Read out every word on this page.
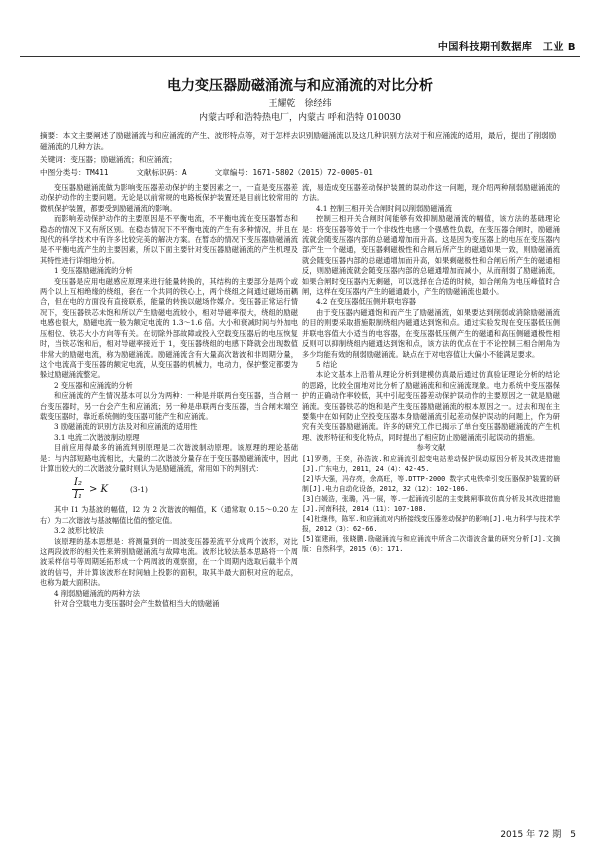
中国科技期刊数据库　工业 B
电力变压器励磁涌流与和应涌流的对比分析
王耀乾　徐经纬
内蒙古呼和浩特热电厂，内蒙古 呼和浩特 010030
摘要：本文主要阐述了励磁涌流与和应涌流的产生、波形特点等，对于怎样去识别励磁涌流以及这几种识别方法对于和应涌流的适用，最后，提出了削弱励磁涌流的几种方法。
关键词：变压器；励磁涌流；和应涌流；
中图分类号：TM411	文献标识码：A	文章编号：1671-5802（2015）72-0005-01

变压器励磁涌流做为影响变压器差动保护的主要因素之一，一直是变压器差动保护动作的主要问题。无论是以前常规的电路板保护装置还是目前比较常用的微机保护装置，都要受到励磁涌流的影响。

而影响差动保护动作的主要原因是不平衡电流，不平衡电流在变压器暂态和稳态的情况下又有所区别。在稳态情况下不平衡电流的产生有多种情况，并且在现代的科学技术中有许多比较完美的解决方案。在暂态的情况下变压器励磁涌流是不平衡电流产生的主要因素，所以下面主要针对变压器励磁涌流的产生机理及其特性进行详细地分析。

1 变压器励磁涌流的分析

变压器是应用电磁感应原理来进行能量转换的，其结构的主要部分是两个或两个以上互相绝缘的绕组，套在一个共同的铁心上，两个绕组之间通过磁场而耦合，但在电的方面没有直接联系，能量的转换以磁场作媒介。变压器正常运行情况下，变压器铁芯未饱和所以产生励磁电流较小，相对导磁率很大，绕组的励磁电感也很大，励磁电流一般为额定电流的 1.3～1.6 倍。大小和衰减时间与外加电压相位、铁芯大小方向等有关。在切除外部故障或投入空载变压器后的电压恢复时，当铁芯饱和后，相对导磁率接近于 1，变压器绕组的电感下降就会出现数值非常大的励磁电流，称为励磁涌流。励磁涌流含有大量高次谐波和非周期分量，这个电流高于变压器的额定电流，从变压器的机械力，电动力，保护整定都要为躲过励磁涌流整定。

2 变压器和应涌流的分析

和应涌流的产生情况基本可以分为两种：一种是并联两台变压器，当合闸一台变压器时，另一台会产生和应涌流；另一种是串联两台变压器，当合闸末端空载变压器时，靠近系统侧的变压器可能产生和应涌流。

3 励磁涌流的识别方法及对和应涌流的适用性

3.1 电流二次谐波制动原理

目前应用得最多的涌流判别原理是二次谐波制动原理。该原理的理论基础是：与内部短路电流相比，大量的二次谐波分量存在于变压器励磁涌流中，因此计算出较大的二次谐波分量时则认为是励磁涌流，常用如下的判别式：

$\frac{\text{I₂}}{\text{I₁}} > K$	(3-1)

其中 I1 为基波的幅值，I2 为 2 次谐波的幅值，K（通常取 0.15～0.20 左右）为二次谐波与基波幅值比值的整定值。

3.2 波形比较法

该原理的基本思想是：将测量到的一周波变压器差流平分成两个波形，对比这两段波形的相关性来辨别励磁涌流与故障电流。波形比较法基本思路将一个周波采样信号等周期延拓形成一个两周波的观察窗，在一个周期内选取后截半个周波的信号，并计算该波形在时间轴上投影的面积，取其半最大面积对应的起点，也称为最大面积法。

4 削弱励磁涌流的两种方法

针对合空载电力变压器时会产生数值相当大的励磁涌

流，易造成变压器差动保护装置的误动作这一问题，现介绍两种削弱励磁涌流的方法。

4.1 控制三相开关合闸时间以削弱励磁涌流

控制三相开关合闸时间能够有效抑制励磁涌流的幅值，该方法的基础理论是：将变压器等效于一个非线性电感一个强感性负载，在变压器合闸时，励磁涌流就会随变压器内部的总磁通增加而升高。这是因为变压器上的电压在变压器内部产生一个磁通，变压器剩磁极性和合闸后所产生的磁通如果一致，则励磁涌流就会随变压器内部的总磁通增加而升高，如果剩磁极性和合闸后所产生的磁通相反，则励磁涌流就会随变压器内部的总磁通增加而减小，从而削弱了励磁涌流，如果合闸时变压器内无剩磁，可以选择在合适的时候，如合闸角为电压峰值时合闸，这样在变压器内产生的磁通最小，产生的励磁涌流也最小。

4.2 在变压器低压侧并联电容器

由于变压器内磁通饱和而产生了励磁涌流，如果要达到削弱或消除励磁涌流的目的则要采取措施限制绕组内磁通达到饱和点。通过实验发现在变压器低压侧并联电容值大小适当的电容器，在变压器低压侧产生的磁通和高压侧磁通极性相反则可以抑制绕组内磁通达到饱和点，该方法的优点在于不论控制三相合闸角为多少均能有效的削弱励磁涌流。缺点在于对电容值让大偏小不能满足要求。

5 结论

本论文基本上沿着从理论分析到建模仿真最后通过仿真验证理论分析的结论的思路，比较全面地对比分析了励磁涌流和和应涌流现象。电力系统中变压器保护的正确动作率较低，其中引起变压器差动保护误动作的主要原因之一就是励磁涌流。变压器铁芯的饱和是产生变压器励磁涌流的根本原因之一。过去和现在主要集中在如何防止空投变压器本身励磁涌流引起差动保护误动的问题上，作为研究有关变压器励磁涌流。许多的研究工作已揭示了单台变压器励磁涌流的产生机理、波形特征和变化特点，同时提出了相应防止励磁涌流引起误动的措施。

参考文献

[1]罗勇，王奕，孙浩波.和应涌流引起变电站差动保护误动原因分析及其改进措施[J].广东电力，2011，24（4）：42-45.

[2]毕大强，冯存亮，余高旺，等.DTTP-2000 数字式电铁牵引变压器保护装置的研制[J].电力自动化设备，2012，32（12）：102-106.

[3]白媛浩，张璐，冯一展，等.一起涌流引起的主变跳闸事故仿真分析及其改进措施[J].河南科技，2014（11）：107-108.

[4]杜继伟，陈军.和应涌流对内桥接线变压器差动保护的影响[J].电力科学与技术学报，2012（3）：62-66.

[5]崔建雨，张晓鹏.励磁涌流与和应涌流中所含二次谐波含量的研究分析[J].文摘版：自然科学，2015（6）：171.

2015 年 72 期　5
